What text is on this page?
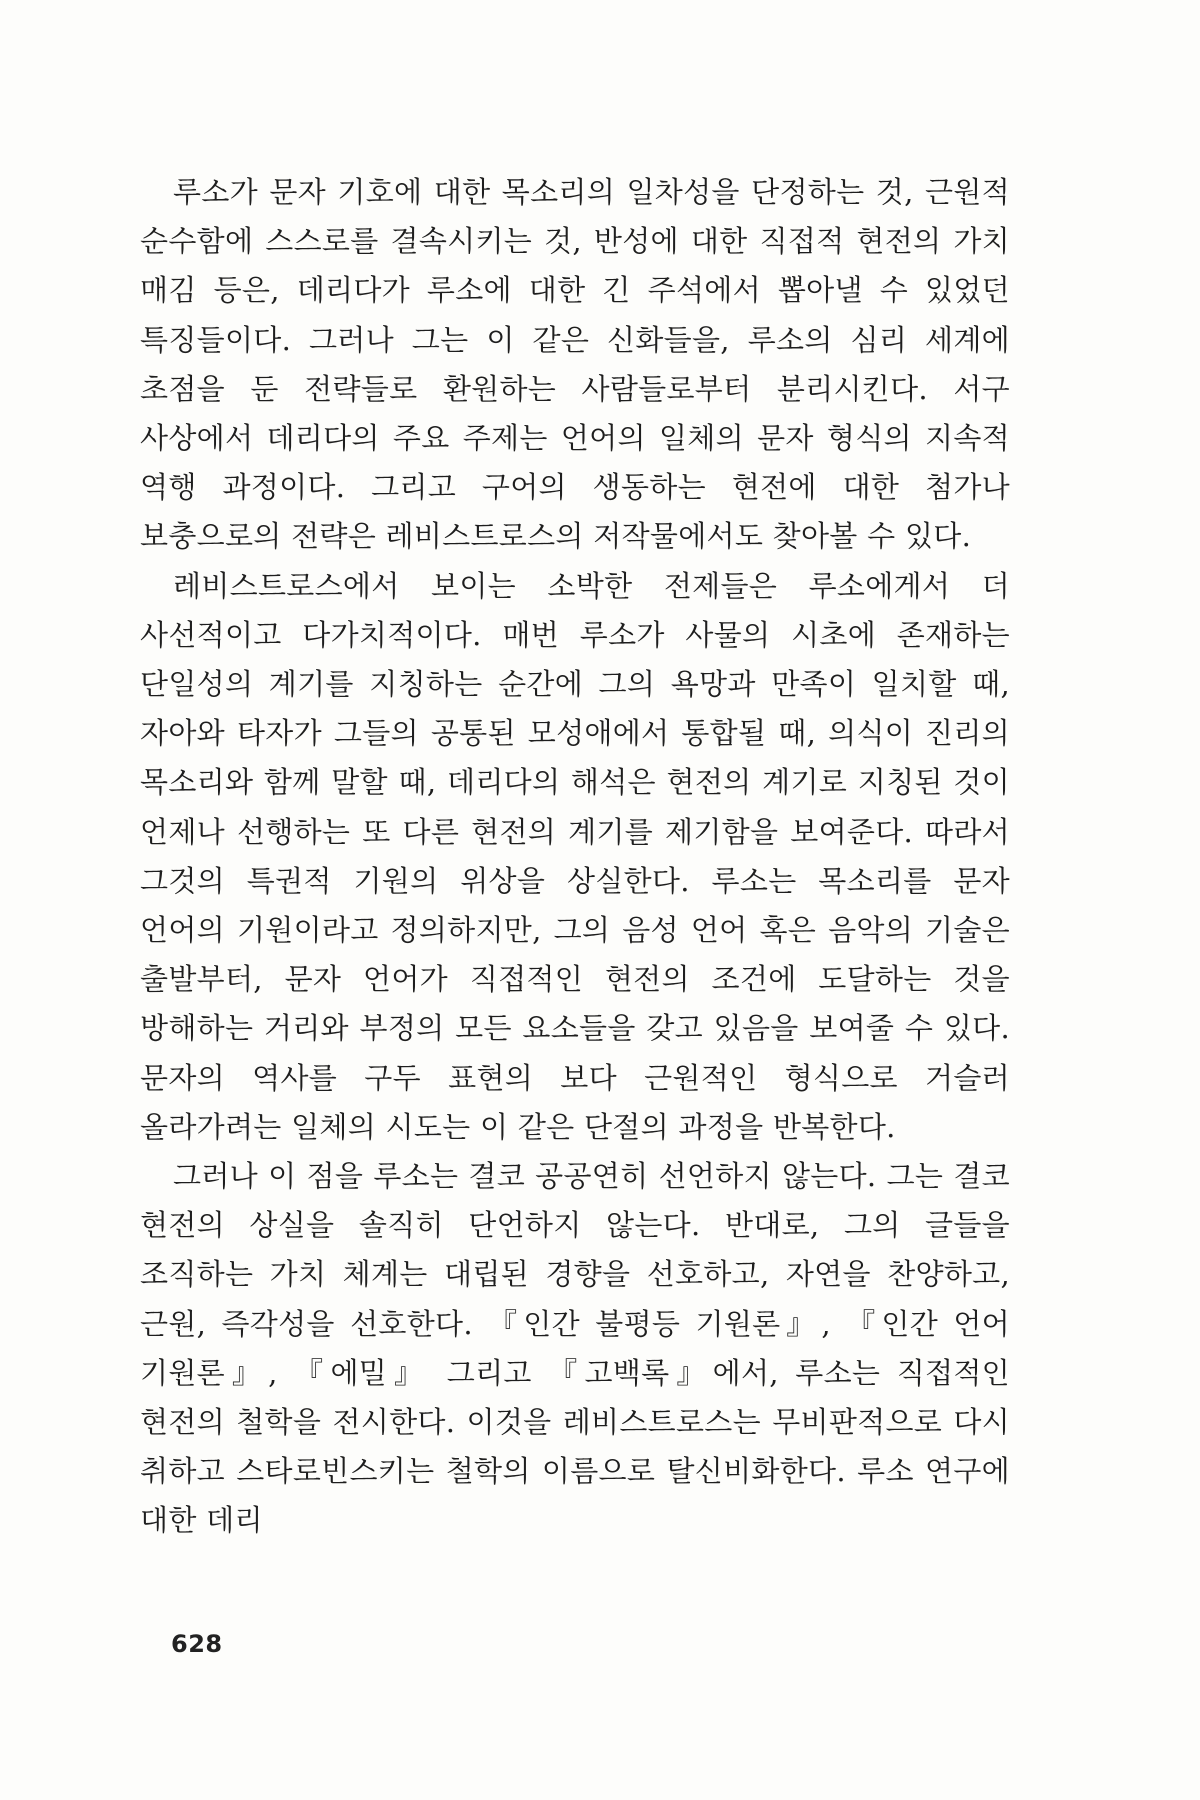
루소가 문자 기호에 대한 목소리의 일차성을 단정하는 것, 근원적 순수함에 스스로를 결속시키는 것, 반성에 대한 직접적 현전의 가치 매김 등은, 데리다가 루소에 대한 긴 주석에서 뽑아낼 수 있었던 특징들이다. 그러나 그는 이 같은 신화들을, 루소의 심리 세계에 초점을 둔 전략들로 환원하는 사람들로부터 분리시킨다. 서구 사상에서 데리다의 주요 주제는 언어의 일체의 문자 형식의 지속적 역행 과정이다. 그리고 구어의 생동하는 현전에 대한 첨가나 보충으로의 전략은 레비스트로스의 저작물에서도 찾아볼 수 있다.

레비스트로스에서 보이는 소박한 전제들은 루소에게서 더 사선적이고 다가치적이다. 매번 루소가 사물의 시초에 존재하는 단일성의 계기를 지칭하는 순간에 그의 욕망과 만족이 일치할 때, 자아와 타자가 그들의 공통된 모성애에서 통합될 때, 의식이 진리의 목소리와 함께 말할 때, 데리다의 해석은 현전의 계기로 지칭된 것이 언제나 선행하는 또 다른 현전의 계기를 제기함을 보여준다. 따라서 그것의 특권적 기원의 위상을 상실한다. 루소는 목소리를 문자 언어의 기원이라고 정의하지만, 그의 음성 언어 혹은 음악의 기술은 출발부터, 문자 언어가 직접적인 현전의 조건에 도달하는 것을 방해하는 거리와 부정의 모든 요소들을 갖고 있음을 보여줄 수 있다. 문자의 역사를 구두 표현의 보다 근원적인 형식으로 거슬러 올라가려는 일체의 시도는 이 같은 단절의 과정을 반복한다.

그러나 이 점을 루소는 결코 공공연히 선언하지 않는다. 그는 결코 현전의 상실을 솔직히 단언하지 않는다. 반대로, 그의 글들을 조직하는 가치 체계는 대립된 경향을 선호하고, 자연을 찬양하고, 근원, 즉각성을 선호한다. 『인간 불평등 기원론』, 『인간 언어 기원론』, 『에밀』 그리고 『고백록』에서, 루소는 직접적인 현전의 철학을 전시한다. 이것을 레비스트로스는 무비판적으로 다시 취하고 스타로빈스키는 철학의 이름으로 탈신비화한다. 루소 연구에 대한 데리

628
